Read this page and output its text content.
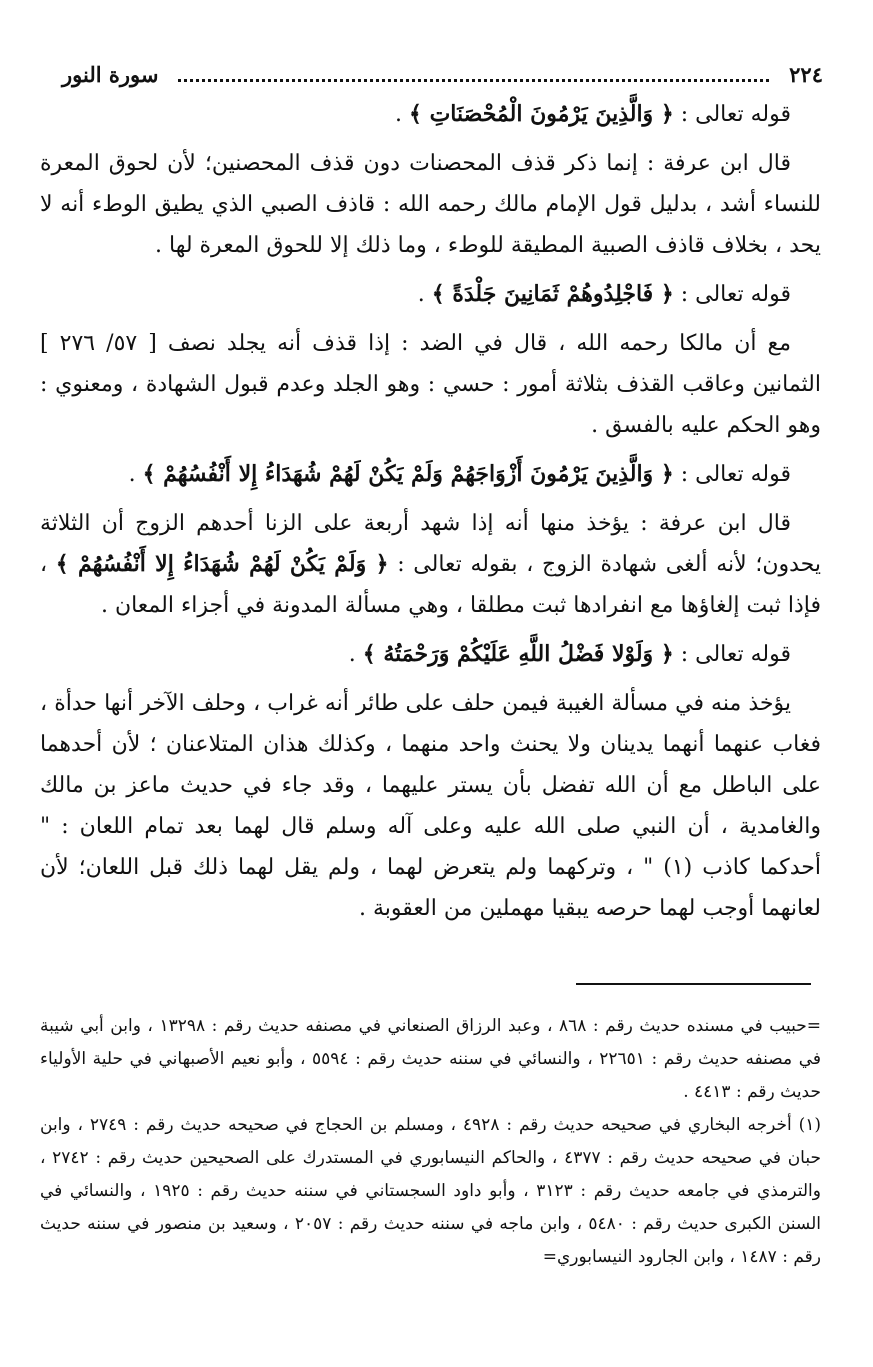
سورة النور	٢٢٤

قوله تعالى : ﴿ وَالَّذِينَ يَرْمُونَ الْمُحْصَنَاتِ ﴾ .

قال ابن عرفة : إنما ذكر قذف المحصنات دون قذف المحصنين؛ لأن لحوق المعرة للنساء أشد ، بدليل قول الإمام مالك رحمه الله : قاذف الصبي الذي يطيق الوطء أنه لا يحد ، بخلاف قاذف الصبية المطيقة للوطء ، وما ذلك إلا للحوق المعرة لها .

قوله تعالى : ﴿ فَاجْلِدُوهُمْ ثَمَانِينَ جَلْدَةً ﴾ .

مع أن مالكا رحمه الله ، قال في الضد : إذا قذف أنه يجلد نصف [ ٥٧/ ٢٧٦ ] الثمانين وعاقب القذف بثلاثة أمور : حسي : وهو الجلد وعدم قبول الشهادة ، ومعنوي : وهو الحكم عليه بالفسق .

قوله تعالى : ﴿ وَالَّذِينَ يَرْمُونَ أَزْوَاجَهُمْ وَلَمْ يَكُنْ لَهُمْ شُهَدَاءُ إِلا أَنْفُسُهُمْ ﴾ .

قال ابن عرفة : يؤخذ منها أنه إذا شهد أربعة على الزنا أحدهم الزوج أن الثلاثة يحدون؛ لأنه ألغى شهادة الزوج ، بقوله تعالى : ﴿ وَلَمْ يَكُنْ لَهُمْ شُهَدَاءُ إِلا أَنْفُسُهُمْ ﴾ ، فإذا ثبت إلغاؤها مع انفرادها ثبت مطلقا ، وهي مسألة المدونة في أجزاء المعان .

قوله تعالى : ﴿ وَلَوْلا فَضْلُ اللَّهِ عَلَيْكُمْ وَرَحْمَتُهُ ﴾ .

يؤخذ منه في مسألة الغيبة فيمن حلف على طائر أنه غراب ، وحلف الآخر أنها حدأة ، فغاب عنهما أنهما يدينان ولا يحنث واحد منهما ، وكذلك هذان المتلاعنان ؛ لأن أحدهما على الباطل مع أن الله تفضل بأن يستر عليهما ، وقد جاء في حديث ماعز بن مالك والغامدية ، أن النبي صلى الله عليه وعلى آله وسلم قال لهما بعد تمام اللعان : " أحدكما كاذب (١) " ، وتركهما ولم يتعرض لهما ، ولم يقل لهما ذلك قبل اللعان؛ لأن لعانهما أوجب لهما حرصه يبقيا مهملين من العقوبة .

=حبيب في مسنده حديث رقم : ٨٦٨ ، وعبد الرزاق الصنعاني في مصنفه حديث رقم : ١٣٢٩٨ ، وابن أبي شيبة في مصنفه حديث رقم : ٢٢٦٥١ ، والنسائي في سننه حديث رقم : ٥٥٩٤ ، وأبو نعيم الأصبهاني في حلية الأولياء حديث رقم : ٤٤١٣ .

(١) أخرجه البخاري في صحيحه حديث رقم : ٤٩٢٨ ، ومسلم بن الحجاج في صحيحه حديث رقم : ٢٧٤٩ ، وابن حبان في صحيحه حديث رقم : ٤٣٧٧ ، والحاكم النيسابوري في المستدرك على الصحيحين حديث رقم : ٢٧٤٢ ، والترمذي في جامعه حديث رقم : ٣١٢٣ ، وأبو داود السجستاني في سننه حديث رقم : ١٩٢٥ ، والنسائي في السنن الكبرى حديث رقم : ٥٤٨٠ ، وابن ماجه في سننه حديث رقم : ٢٠٥٧ ، وسعيد بن منصور في سننه حديث رقم : ١٤٨٧ ، وابن الجارود النيسابوري=
